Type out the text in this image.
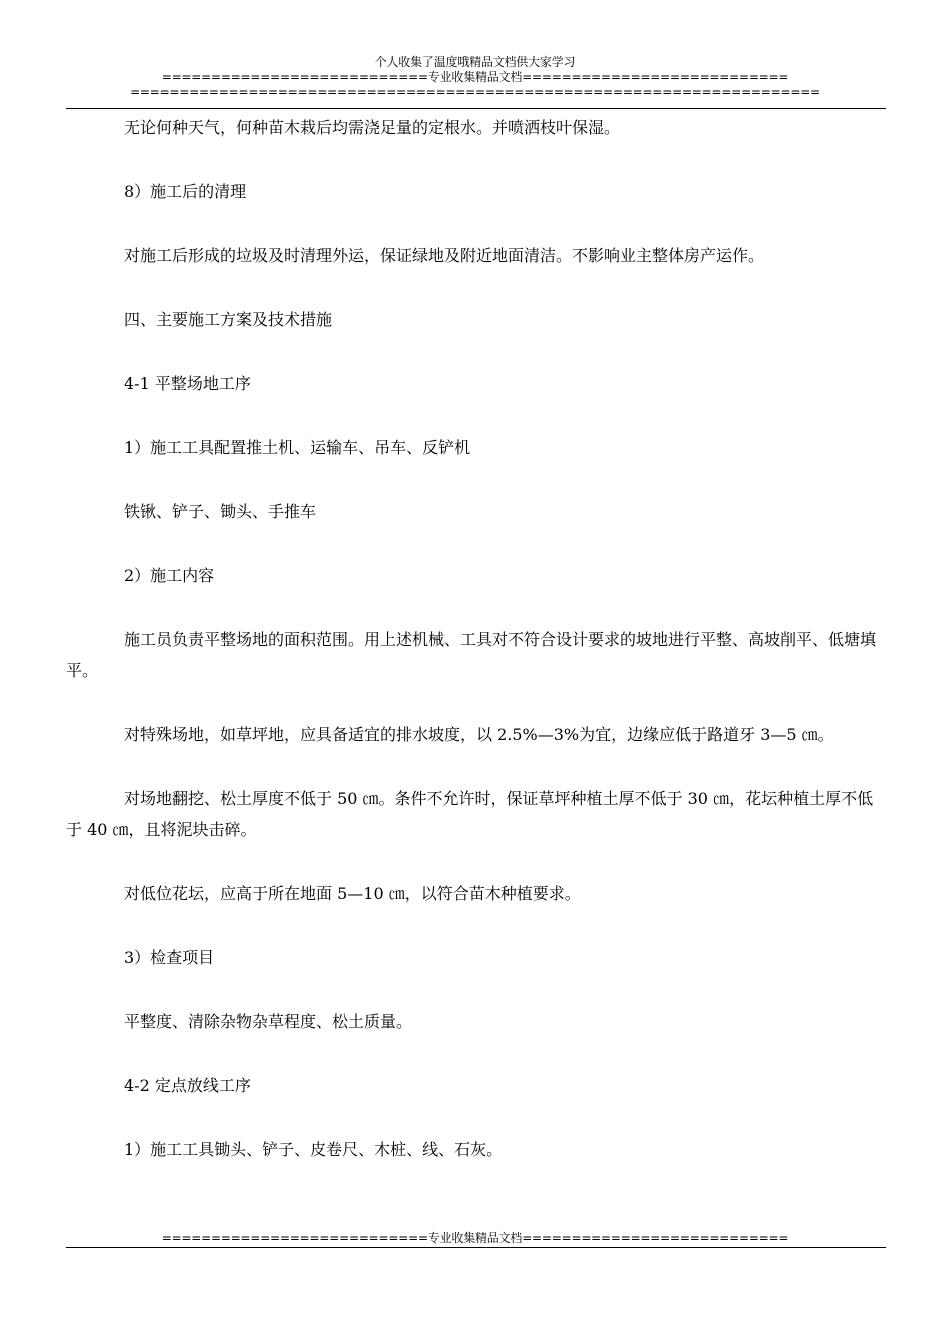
个人收集了温度哦精品文档供大家学习
===========================专业收集精品文档===========================
======================================================================

无论何种天气，何种苗木栽后均需浇足量的定根水。并喷洒枝叶保湿。

8）施工后的清理

对施工后形成的垃圾及时清理外运，保证绿地及附近地面清洁。不影响业主整体房产运作。

四、主要施工方案及技术措施

4-1 平整场地工序

1）施工工具配置推土机、运输车、吊车、反铲机

铁锹、铲子、锄头、手推车

2）施工内容

施工员负责平整场地的面积范围。用上述机械、工具对不符合设计要求的坡地进行平整、高坡削平、低塘填平。

对特殊场地，如草坪地，应具备适宜的排水坡度，以 2.5%—3%为宜，边缘应低于路道牙 3—5 ㎝。

对场地翻挖、松土厚度不低于 50 ㎝。条件不允许时，保证草坪种植土厚不低于 30 ㎝，花坛种植土厚不低于 40 ㎝，且将泥块击碎。

对低位花坛，应高于所在地面 5—10 ㎝，以符合苗木种植要求。

3）检查项目

平整度、清除杂物杂草程度、松土质量。

4-2 定点放线工序

1）施工工具锄头、铲子、皮卷尺、木桩、线、石灰。

===========================专业收集精品文档===========================
